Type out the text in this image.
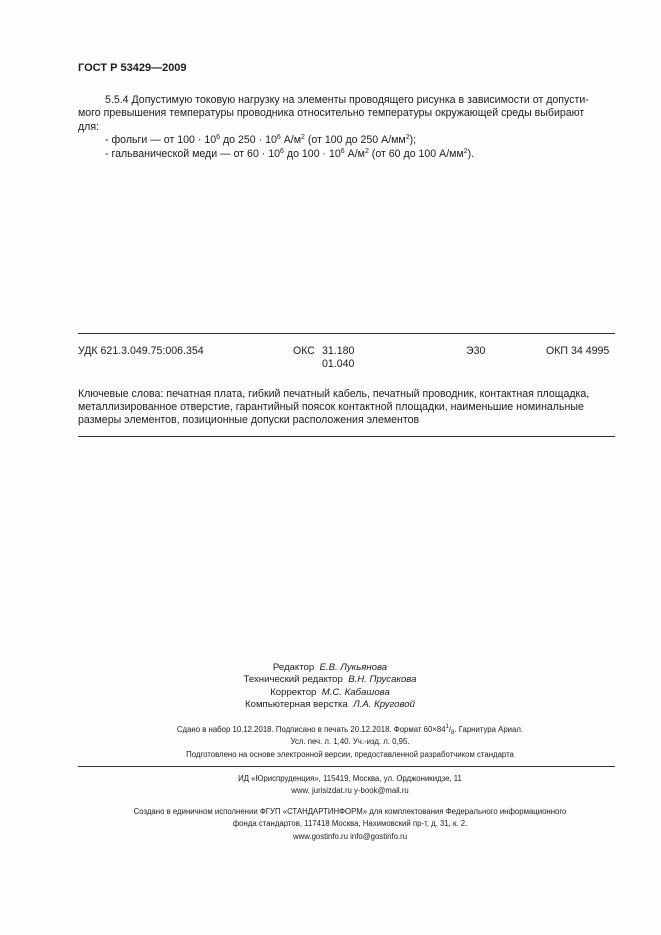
ГОСТ Р 53429—2009
5.5.4 Допустимую токовую нагрузку на элементы проводящего рисунка в зависимости от допусти-
мого превышения температуры проводника относительно температуры окружающей среды выбирают
для:
- фольги — от $100 \cdot 10^6$ до $250 \cdot 10^6$ $А/м^2$ (от 100 до 250 $А/мм^2$);
- гальванической меди — от $60 \cdot 10^6$ до $100 \cdot 10^6$ $А/м^2$ (от 60 до 100 $А/мм^2$).
УДК 621.3.049.75:006.354	ОКС 31.180
01.040
Э30	ОКП 34 4995
Ключевые слова: печатная плата, гибкий печатный кабель, печатный проводник, контактная площадка,
металлизированное отверстие, гарантийный поясок контактной площадки, наименьшие номинальные
размеры элементов, позиционные допуски расположения элементов
Редактор Е.В. Лукьянова
Технический редактор В.Н. Прусакова
Корректор М.С. Кабашова
Компьютерная верстка Л.А. Круговой
Сдано в набор 10.12.2018. Подписано в печать 20.12.2018. Формат $60\times 84^1/_8$. Гарнитура Ариал.
Усл. печ. л. 1,40. Уч.-изд. л. 0,95.
Подготовлено на основе электронной версии, предоставленной разработчиком стандарта
ИД «Юриспруденция», 115419, Москва, ул. Орджоникидзе, 11
www. jurisizdat.ru y-book@mail.ru
Создано в единичном исполнении ФГУП «СТАНДАРТИНФОРМ» для комплектования Федерального информационного
фонда стандартов, 117418 Москва, Нахимовский пр-т, д. 31, к. 2.
www.gostinfo.ru info@gostinfo.ru
